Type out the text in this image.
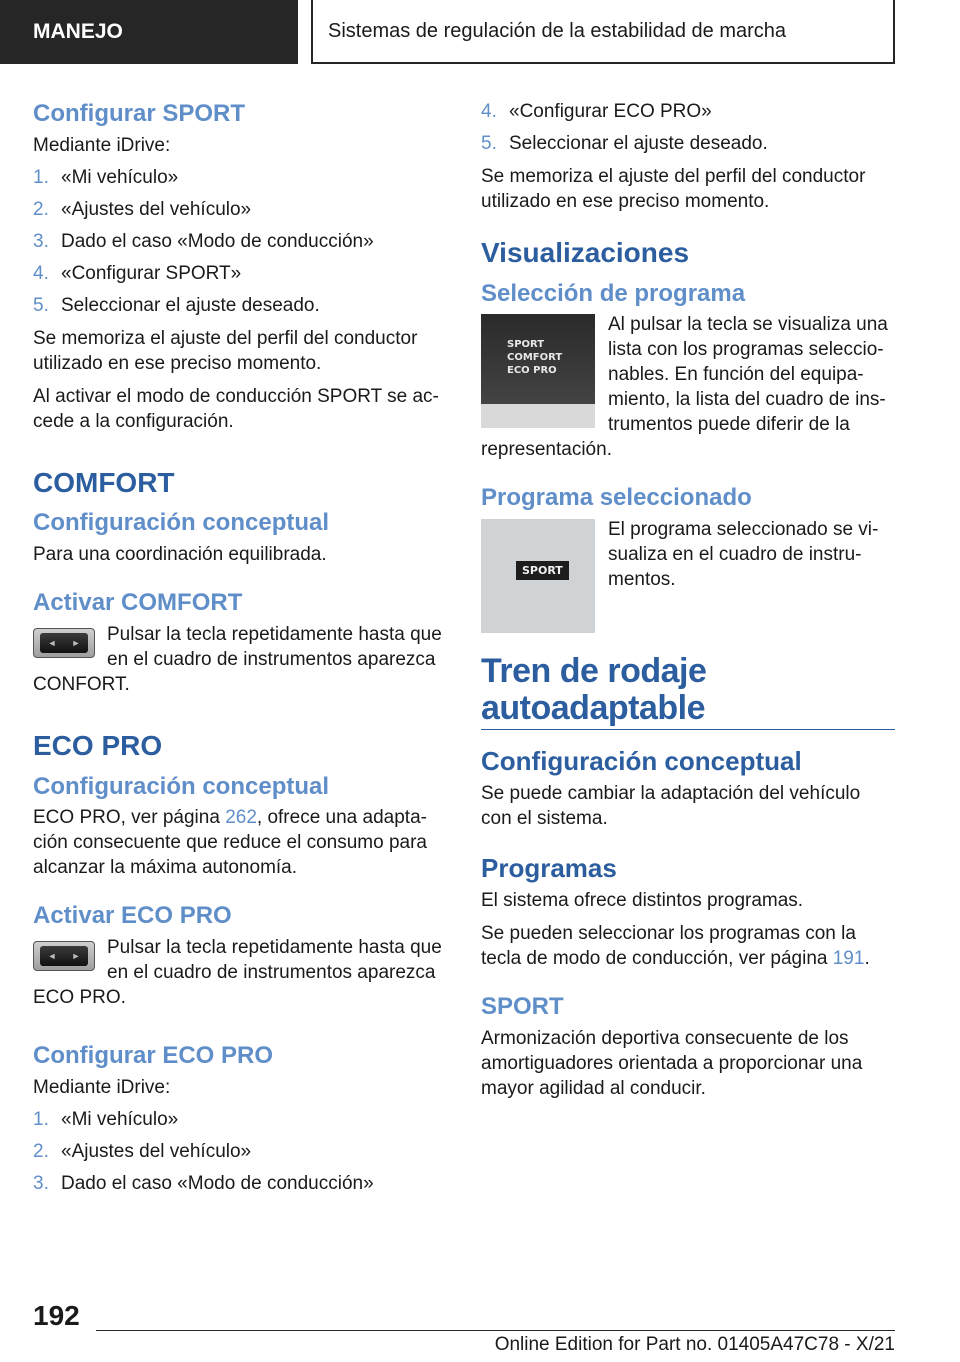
MANEJO	Sistemas de regulación de la estabilidad de marcha
Configurar SPORT
Mediante iDrive:
1. «Mi vehículo»
2. «Ajustes del vehículo»
3. Dado el caso «Modo de conducción»
4. «Configurar SPORT»
5. Seleccionar el ajuste deseado.
Se memoriza el ajuste del perfil del conductor utilizado en ese preciso momento.
Al activar el modo de conducción SPORT se ac-cede a la configuración.
COMFORT
Configuración conceptual
Para una coordinación equilibrada.
Activar COMFORT
◄ ►	Pulsar la tecla repetidamente hasta que en el cuadro de instrumentos aparezca CONFORT.
ECO PRO
Configuración conceptual
ECO PRO, ver página 262, ofrece una adapta-ción consecuente que reduce el consumo para alcanzar la máxima autonomía.
Activar ECO PRO
◄ ►	Pulsar la tecla repetidamente hasta que en el cuadro de instrumentos aparezca ECO PRO.
Configurar ECO PRO
Mediante iDrive:
1. «Mi vehículo»
2. «Ajustes del vehículo»
3. Dado el caso «Modo de conducción»
4. «Configurar ECO PRO»
5. Seleccionar el ajuste deseado.
Se memoriza el ajuste del perfil del conductor utilizado en ese preciso momento.
Visualizaciones
Selección de programa
SPORT
COMFORT
ECO PRO
Al pulsar la tecla se visualiza una lista con los programas seleccio-nables. En función del equipa-miento, la lista del cuadro de ins-trumentos puede diferir de la representación.
Programa seleccionado
SPORT
El programa seleccionado se vi-sualiza en el cuadro de instru-mentos.
Tren de rodaje
autoadaptable
Configuración conceptual
Se puede cambiar la adaptación del vehículo con el sistema.
Programas
El sistema ofrece distintos programas.
Se pueden seleccionar los programas con la tecla de modo de conducción, ver página 191.
SPORT
Armonización deportiva consecuente de los amortiguadores orientada a proporcionar una mayor agilidad al conducir.
192
Online Edition for Part no. 01405A47C78 - X/21
